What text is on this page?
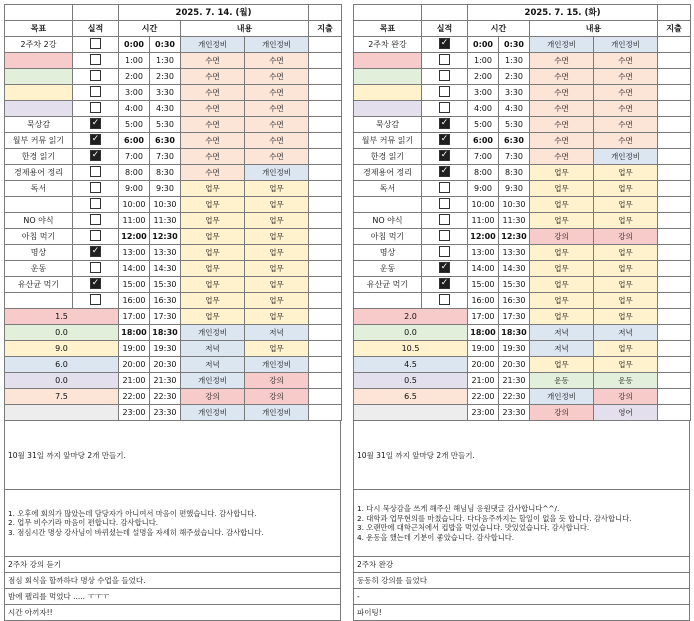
		2025. 7. 14. (월)				
목표	실적	시간		내용		지출
2주차 2강		0:00	0:30	개인정비	개인정비	
		1:00	1:30	수면	수면	
		2:00	2:30	수면	수면	
		3:00	3:30	수면	수면	
		4:00	4:30	수면	수면	
묵상감	✓	5:00	5:30	수면	수면	
월부 커뮤 읽기	✓	6:00	6:30	수면	수면	
한경 읽기	✓	7:00	7:30	수면	수면	
경제용어 정리		8:00	8:30	수면	개인정비	
독서		9:00	9:30	업무	업무	
		10:00	10:30	업무	업무	
NO 야식		11:00	11:30	업무	업무	
아침 먹기		12:00	12:30	업무	업무	
명상	✓	13:00	13:30	업무	업무	
운동		14:00	14:30	업무	업무	
유산균 먹기	✓	15:00	15:30	업무	업무	
		16:00	16:30	업무	업무	
1.5		17:00	17:30	업무	업무	
0.0		18:00	18:30	개인정비	저녁	
9.0		19:00	19:30	저녁	업무	
6.0		20:00	20:30	저녁	개인정비	
0.0		21:00	21:30	개인정비	강의	
7.5		22:00	22:30	강의	강의	
		23:00	23:30	개인정비	개인정비	
10월 31일 까지 앞마당 2개 만들기.

1. 오후에 회의가 많았는데 담당자가 아니여서 마음이 편했습니다. 감사합니다.
2. 업무 비수기라 마음이 편합니다. 감사합니다.
3. 점심시간 명상 강사님이 바뀌셨는데 설명을 자세히 해주셨습니다. 감사합니다.

2주차 강의 듣기
점심 회식을 할까하다 명상 수업을 들었다.
밤에 펠리를 먹었다 ..... ㅜㅜㅜ
시간 아끼자!!
		2025. 7. 15. (화)				
목표	실적	시간		내용		지출
2주차 완강	✓	0:00	0:30	개인정비	개인정비	
		1:00	1:30	수면	수면	
		2:00	2:30	수면	수면	
		3:00	3:30	수면	수면	
		4:00	4:30	수면	수면	
묵상감	✓	5:00	5:30	수면	수면	
월부 커뮤 읽기	✓	6:00	6:30	수면	수면	
한경 읽기	✓	7:00	7:30	수면	개인정비	
경제용어 정리	✓	8:00	8:30	업무	업무	
독서		9:00	9:30	업무	업무	
		10:00	10:30	업무	업무	
NO 야식		11:00	11:30	업무	업무	
아침 먹기		12:00	12:30	강의	강의	
명상		13:00	13:30	업무	업무	
운동	✓	14:00	14:30	업무	업무	
유산균 먹기	✓	15:00	15:30	업무	업무	
		16:00	16:30	업무	업무	
2.0		17:00	17:30	업무	업무	
0.0		18:00	18:30	저녁	저녁	
10.5		19:00	19:30	저녁	업무	
4.5		20:00	20:30	업무	업무	
0.5		21:00	21:30	운동	운동	
6.5		22:00	22:30	개인정비	강의	
		23:00	23:30	강의	영어	
10월 31일 까지 앞마당 2개 만들기.

1. 다시 묵상감을 쓰게 해주신 해님님 응원댓글 감사합니다^^/.
2. 대학과 업무현의를 마쳤습니다. 다다음주까지는 할일이 없을 듯 합니다. 감사합니다.
3. 오랜만에 대학근처에서 컵밥을 먹었습니다. 맛있었습니다. 감사합니다.
4. 운동을 했는데 기분이 좋았습니다. 감사합니다.

2주차 완강
동동히 강의를 들었다
-
파이팅!
